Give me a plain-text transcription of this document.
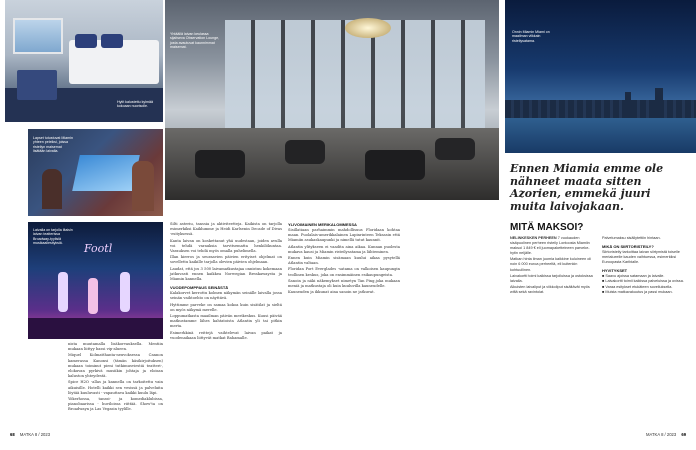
Hytit kalustettu kylmää kokoaan nuorisolle.
Yhtäällä laivan keulassa sijaitseva Observation Lounge, josta avautuvat kaunnimmat maisemat.
Onnin Miamin Miami on maailman vilkkain risteilysatama.
Lapset tutustuvat Miamin yhteen peleiksi, joissa risteilyn maisemat lisätään laivalla.
Footl
Laivalla on tarjolla iltaisin laivan teatterissa Broadway-tyylisiä musikaaliesityksiä.
Ennen Miamia emme ole nähneet maata sitten Azorien, emmekä juuri muita laivojakaan.

nista muutamalla lisäkorvauksella. Mentiin mukaan liittyy bassi vip-alueen.

Miquel Kolmatthanta-neuvoksessa Cannon kamerassa Kanonsi (tämän käsikirjoituksen) mukaan toiminut pieni tutkimusviestiä teatteri-, elokuvan pyrkivä musiikin johtaja ja eloisan kaluston yhteydestä.

Spice H2O -allas ja kannella on tarkoitettu vain aikuisille. Hotelli kaikki sen vesissä ja palveluita löytää kuuluvasti - vapauttava kaikki kuulu läpi.

Yökerhossa, tanssi- ja komediaklubissa, pianobaarissa - huviloissa riittää. Show'ta on Broadwayn ja Las Vegasin tyylille.

Silti asteriu, tanssia ja aktiviteetteja. Kaikista on tarjolla esimerkiksi Kaiklumme ja Heidi Karlsenin Decade of Divas -esityksessä.

Kanta laivan on koskettanut yhä uudestaan, joiden avulla voi tehdä varauksia tarvitsematta henkilökuntaa. Varauksen voi tehdä myös omalla puhelimella.

Illan kierros ja seuraavien päivien erityiset ohjelmat on sovellettu kaikille tarjolla olevien päivien ohjelmaan.

Laudat, että jos 3 500 laivamatkustajaa onnistuu kokemaan jatkuvasti ennen kaikkea Norwegian Breakawaysta ja Miamin kannella.

VUODEPOMPPAUS SEINÄSTÄ

Kalakorvet kerrottu kolmen näkymän seinälle laivalla jossa seinän vaihtoehto on näyttävä.

Hyttimme parveke on samaa kokoa kuin sisätilat ja sieltä on myös näkymä merelle.

Loppumatkasta maailman päivän merikeskus. Kuusi päivää matkustamme lähes kahtatoista Atlantin yli tai pitkin merta.

Esimerkkinä reittejä vaihtelevat laivan paikat ja vuodenaikaan liittyvät matkat Bahamalle.

YLIVOIMAINEN MERIKALOMMESSA

Sisillatiaan parhaimmin mahdollisuus Floridaan kohtaa maan. Puolalais-amerikkalainen Lapinrinteen Teksasin että Miamiin asukaskaupunki ja nimellä tutut kaunnit.

Atlantin ylitykseen ei vaadita aina aikaa. Kunnan puolesta mukava kausi ja Miamin risteilysatama ja lähteminen.

Ennen kuin Miamin sisämaan kuului aikaa pysytellä Atlantin valtaan.

Floridan Port Everglades -satama on valkoisen kaupungin teollinen keskus, joka on ensimmäinen esikaupungeista.

Sanoin ja näki näkemykset nimetyn Tan Ping,joka mukaan meniä ja matkustaja oli kuin kuuluvilla kauneudelle.

Kauneuden ja ikkunat aina sanoin ne jatkuvat.

MITÄ MAKSOI?

NELINKESKEN PERHEEN 7 vuokauden sisäpuolinen perheen risteily Lontoosta Miamiin maksoi 1 849 € eli juomapaketteineen parveke-hytin neljälle.

Matkan hinta ilman juomia kaikkine kuluineen oli noin 6 000 euroa perheeltä, eli kuitenkin kohtuullinen.

Laivakortti toimi kaikissa tarjoiluissa ja ostoksissa laivalla.

Aikuisten laivaliput ja viikkoliput sisältävät myös wifiä sekä ravintolat.

Palvelumaksu sisällytettiin hintaan.

MIKÄ ON SIIRTORISTEILY?

Siirtoristeily tarkoittaa laivan siirtymistä toiselle merialueelle kauden vaihtuessa, esimerkiksi Euroopasta Karibialle.

HYVITYKSET

■ Saavu ajoissa satamaan ja laivalle.

■ Laivakortti toimii kaikissa palveluissa ja ovissa.

■ Varaa esitykset etukäteen sovelluksella.

■ Muista matkavakuutus ja passi mukaan.

68 MATKA 8 / 2023	MATKA 8 / 2023 69
